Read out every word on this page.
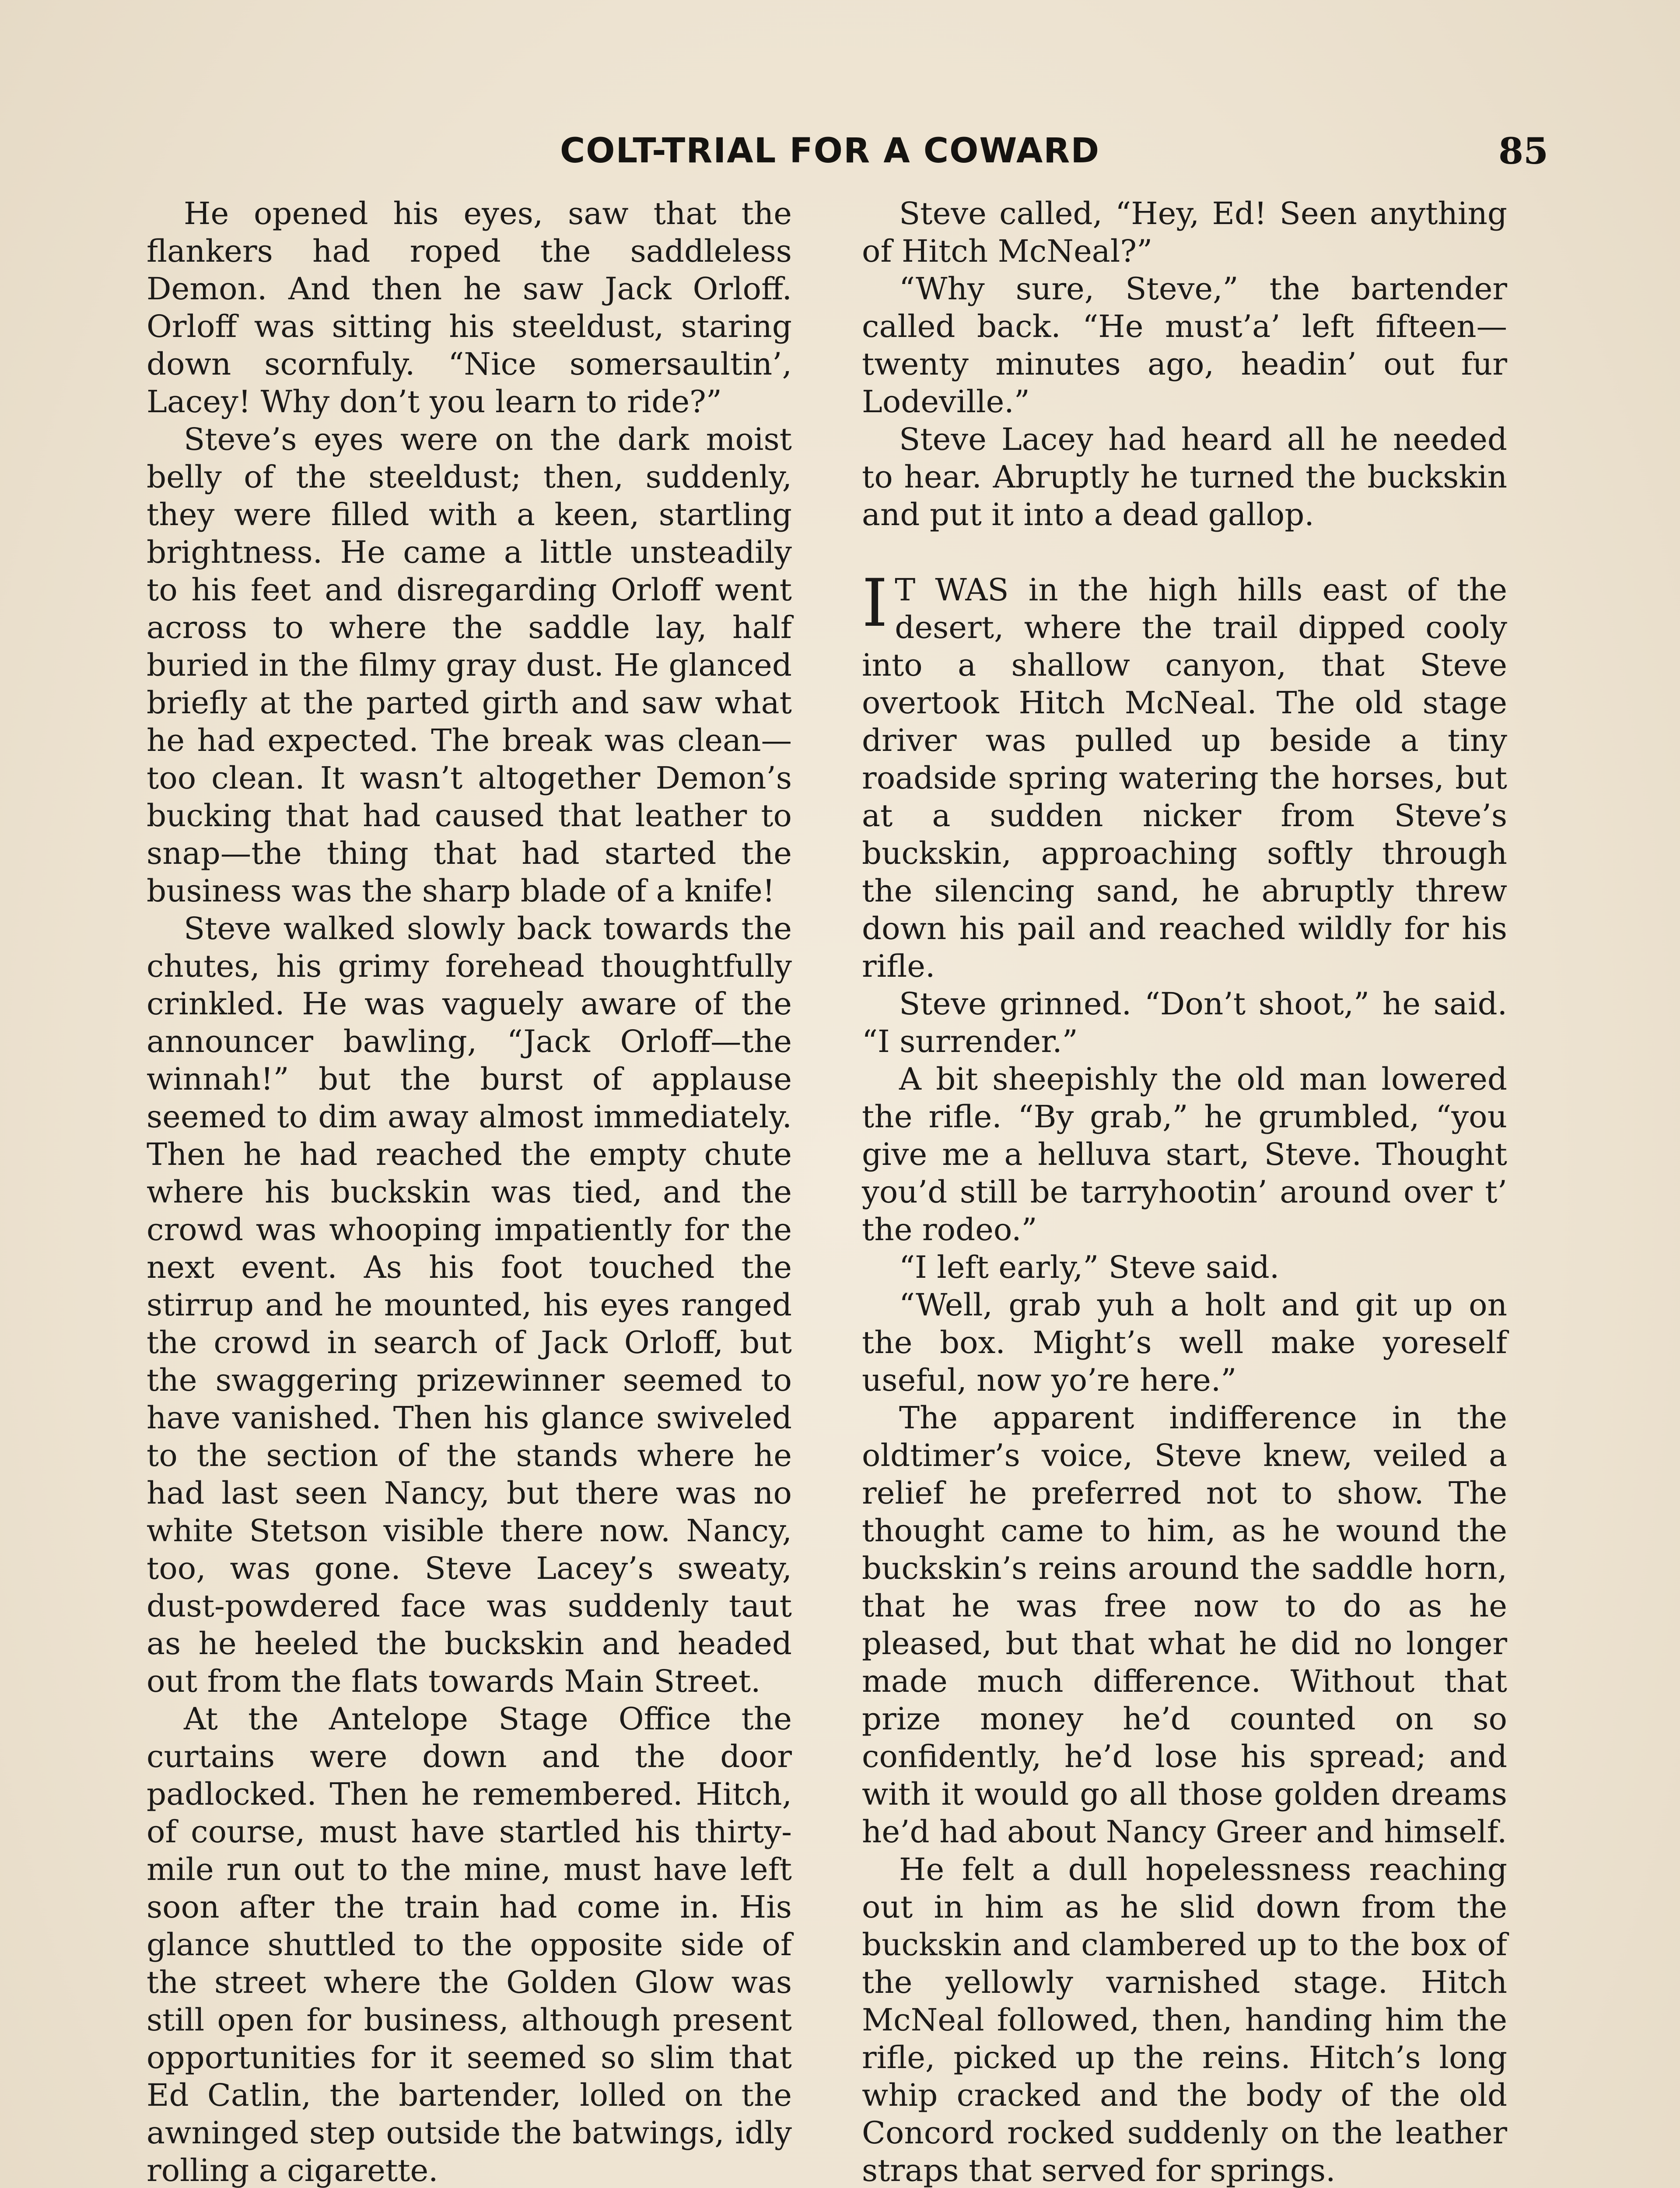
COLT-TRIAL FOR A COWARD	85

He opened his eyes, saw that the flankers had roped the saddleless Demon. And then he saw Jack Orloff. Orloff was sitting his steeldust, staring down scornfuly. “Nice somersaultin’, Lacey! Why don’t you learn to ride?”

Steve’s eyes were on the dark moist belly of the steeldust; then, suddenly, they were filled with a keen, startling brightness. He came a little unsteadily to his feet and disregarding Orloff went across to where the saddle lay, half buried in the filmy gray dust. He glanced briefly at the parted girth and saw what he had expected. The break was clean—too clean. It wasn’t altogether Demon’s bucking that had caused that leather to snap—the thing that had started the business was the sharp blade of a knife!

Steve walked slowly back towards the chutes, his grimy forehead thoughtfully crinkled. He was vaguely aware of the announcer bawling, “Jack Orloff—the winnah!” but the burst of applause seemed to dim away almost immediately. Then he had reached the empty chute where his buckskin was tied, and the crowd was whooping impatiently for the next event. As his foot touched the stirrup and he mounted, his eyes ranged the crowd in search of Jack Orloff, but the swaggering prizewinner seemed to have vanished. Then his glance swiveled to the section of the stands where he had last seen Nancy, but there was no white Stetson visible there now. Nancy, too, was gone. Steve Lacey’s sweaty, dust-powdered face was suddenly taut as he heeled the buckskin and headed out from the flats towards Main Street.

At the Antelope Stage Office the curtains were down and the door padlocked. Then he remembered. Hitch, of course, must have startled his thirty-mile run out to the mine, must have left soon after the train had come in. His glance shuttled to the opposite side of the street where the Golden Glow was still open for business, although present opportunities for it seemed so slim that Ed Catlin, the bartender, lolled on the awninged step outside the batwings, idly rolling a cigarette.

Steve called, “Hey, Ed! Seen anything of Hitch McNeal?”

“Why sure, Steve,” the bartender called back. “He must’a’ left fifteen—twenty minutes ago, headin’ out fur Lodeville.”

Steve Lacey had heard all he needed to hear. Abruptly he turned the buckskin and put it into a dead gallop.

I T WAS in the high hills east of the desert, where the trail dipped cooly into a shallow canyon, that Steve overtook Hitch McNeal. The old stage driver was pulled up beside a tiny roadside spring watering the horses, but at a sudden nicker from Steve’s buckskin, approaching softly through the silencing sand, he abruptly threw down his pail and reached wildly for his rifle.

Steve grinned. “Don’t shoot,” he said. “I surrender.”

A bit sheepishly the old man lowered the rifle. “By grab,” he grumbled, “you give me a helluva start, Steve. Thought you’d still be tarryhootin’ around over t’ the rodeo.”

“I left early,” Steve said.

“Well, grab yuh a holt and git up on the box. Might’s well make yoreself useful, now yo’re here.”

The apparent indifference in the oldtimer’s voice, Steve knew, veiled a relief he preferred not to show. The thought came to him, as he wound the buckskin’s reins around the saddle horn, that he was free now to do as he pleased, but that what he did no longer made much difference. Without that prize money he’d counted on so confidently, he’d lose his spread; and with it would go all those golden dreams he’d had about Nancy Greer and himself.

He felt a dull hopelessness reaching out in him as he slid down from the buckskin and clambered up to the box of the yellowly varnished stage. Hitch McNeal followed, then, handing him the rifle, picked up the reins. Hitch’s long whip cracked and the body of the old Concord rocked suddenly on the leather straps that served for springs.
